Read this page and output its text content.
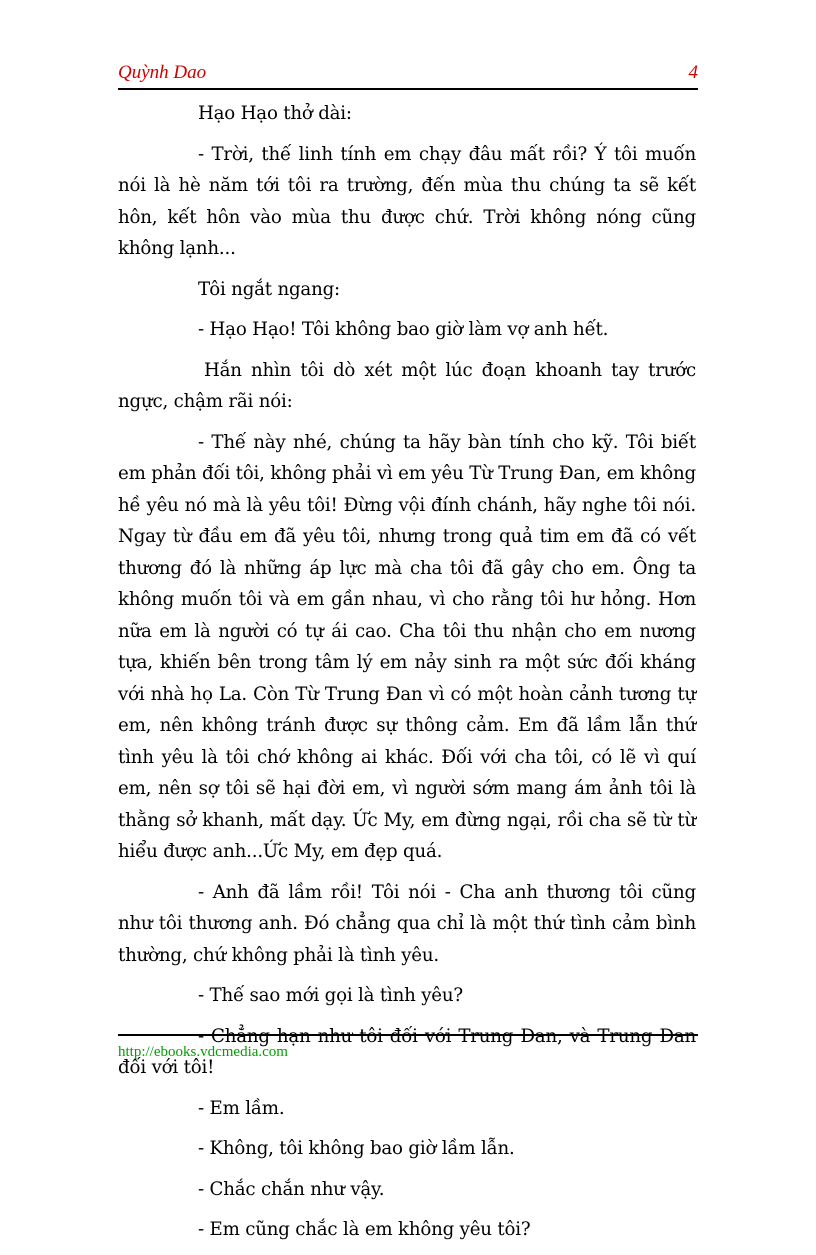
Quỳnh Dao	4

Hạo Hạo thở dài:

- Trời, thế linh tính em chạy đâu mất rồi? Ý tôi muốn nói là hè năm tới tôi ra trường, đến mùa thu chúng ta sẽ kết hôn, kết hôn vào mùa thu được chứ. Trời không nóng cũng không lạnh...

Tôi ngắt ngang:

- Hạo Hạo! Tôi không bao giờ làm vợ anh hết.

Hắn nhìn tôi dò xét một lúc đoạn khoanh tay trước ngực, chậm rãi nói:

- Thế này nhé, chúng ta hãy bàn tính cho kỹ. Tôi biết em phản đối tôi, không phải vì em yêu Từ Trung Đan, em không hề yêu nó mà là yêu tôi! Đừng vội đính chánh, hãy nghe tôi nói. Ngay từ đầu em đã yêu tôi, nhưng trong quả tim em đã có vết thương đó là những áp lực mà cha tôi đã gây cho em. Ông ta không muốn tôi và em gần nhau, vì cho rằng tôi hư hỏng. Hơn nữa em là người có tự ái cao. Cha tôi thu nhận cho em nương tựa, khiến bên trong tâm lý em nảy sinh ra một sức đối kháng với nhà họ La. Còn Từ Trung Đan vì có một hoàn cảnh tương tự em, nên không tránh được sự thông cảm. Em đã lầm lẫn thứ tình yêu là tôi chớ không ai khác. Đối với cha tôi, có lẽ vì quí em, nên sợ tôi sẽ hại đời em, vì người sớm mang ám ảnh tôi là thằng sở khanh, mất dạy. Ức My, em đừng ngại, rồi cha sẽ từ từ hiểu được anh...Ức My, em đẹp quá.

- Anh đã lầm rồi! Tôi nói - Cha anh thương tôi cũng như tôi thương anh. Đó chẳng qua chỉ là một thứ tình cảm bình thường, chứ không phải là tình yêu.

- Thế sao mới gọi là tình yêu?

- Chẳng hạn như tôi đối với Trung Đan, và Trung Đan đối với tôi!

- Em lầm.

- Không, tôi không bao giờ lầm lẫn.

- Chắc chắn như vậy.

- Em cũng chắc là em không yêu tôi?

http://ebooks.vdcmedia.com
